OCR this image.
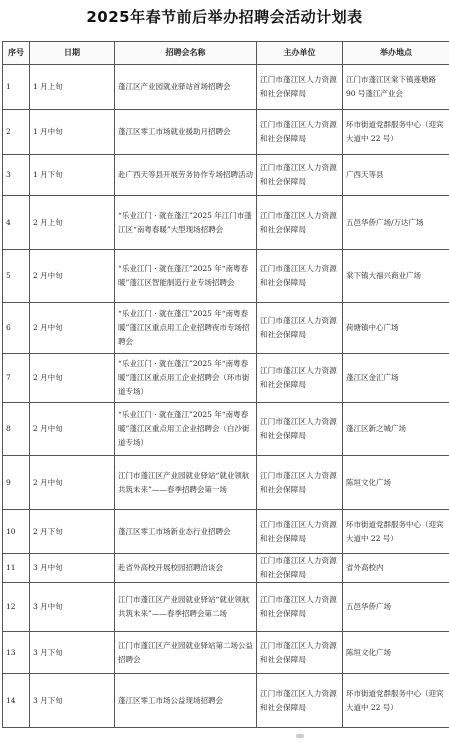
2025年春节前后举办招聘会活动计划表
序号	日期	招聘会名称	主办单位	举办地点
1	1 月上旬	蓬江区产业园就业驿站首场招聘会	江门市蓬江区人力资源和社会保障局	江门市蓬江区棠下镇莲塘路 90 号蓬江产业会
2	1 月中旬	蓬江区零工市场就业援助月招聘会	江门市蓬江区人力资源和社会保障局	环市街道党群服务中心（迎宾大道中 22 号）
3	1 月下旬	赴广西天等县开展劳务协作专场招聘活动	江门市蓬江区人力资源和社会保障局	广西天等县
4	2 月上旬	“乐业江门 · 就在蓬江”2025 年江门市蓬江区“南粤春暖”大型现场招聘会	江门市蓬江区人力资源和社会保障局	五邑华侨广场/万达广场
5	2 月中旬	“乐业江门 · 就在蓬江”2025 年“南粤春暖”蓬江区智能制造行业专场招聘会	江门市蓬江区人力资源和社会保障局	棠下镇大福兴商业广场
6	2 月中旬	“乐业江门 · 就在蓬江”2025 年“南粤春暖”蓬江区重点用工企业招聘夜市专场招聘会	江门市蓬江区人力资源和社会保障局	荷塘镇中心广场
7	2 月中旬	“乐业江门 · 就在蓬江”2025 年“南粤春暖”蓬江区重点用工企业招聘会（环市街道专场）	江门市蓬江区人力资源和社会保障局	蓬江区金汇广场
8	2 月中旬	“乐业江门 · 就在蓬江”2025 年“南粤春暖”蓬江区重点用工企业招聘会（白沙街道专场）	江门市蓬江区人力资源和社会保障局	蓬江区新之城广场
9	2 月中旬	江门市蓬江区产业园就业驿站“就业领航 共筑未来”——春季招聘会第一场	江门市蓬江区人力资源和社会保障局	陈垣文化广场
10	2 月下旬	蓬江区零工市场新业态行业招聘会	江门市蓬江区人力资源和社会保障局	环市街道党群服务中心（迎宾大道中 22 号）
11	3 月中旬	赴省外高校开展校园招聘洽谈会	江门市蓬江区人力资源和社会保障局	省外高校内
12	3 月中旬	江门市蓬江区产业园就业驿站“就业领航 共筑未来”——春季招聘会第二场	江门市蓬江区人力资源和社会保障局	五邑华侨广场
13	3 月下旬	江门市蓬江区产业园就业驿站第二场公益招聘会	江门市蓬江区人力资源和社会保障局	陈垣文化广场
14	3 月下旬	蓬江区零工市场公益现场招聘会	江门市蓬江区人力资源和社会保障局	环市街道党群服务中心（迎宾大道中 22 号）
